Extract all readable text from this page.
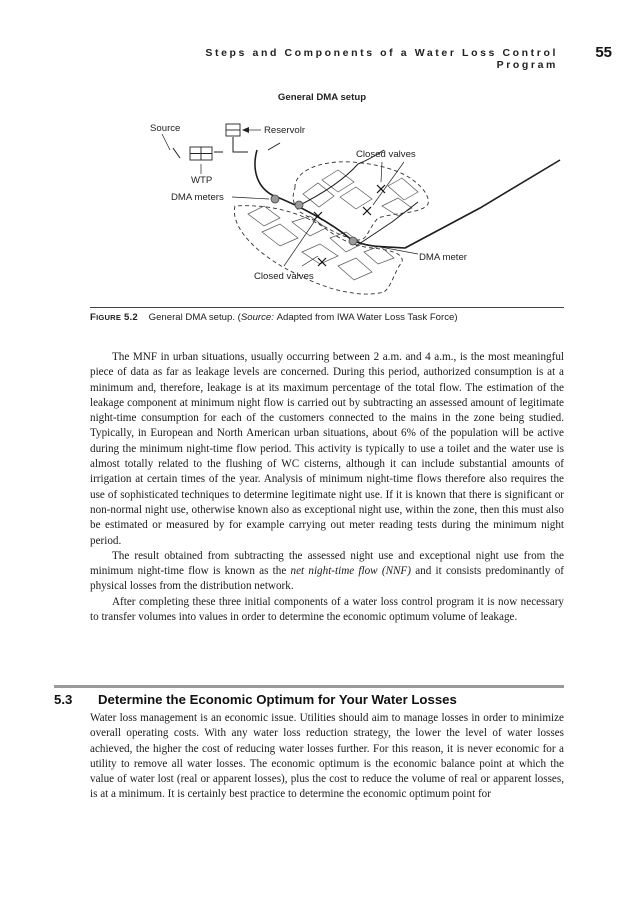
Steps and Components of a Water Loss Control Program
55
General DMA setup
Source	Reservolr
Closed valves
WTP
DMA meters
DMA meter
Closed valves
FIGURE 5.2 General DMA setup. (Source: Adapted from IWA Water Loss Task Force)

The MNF in urban situations, usually occurring between 2 a.m. and 4 a.m., is the most meaningful piece of data as far as leakage levels are concerned. During this period, authorized consumption is at a minimum and, therefore, leakage is at its maximum percentage of the total flow. The estimation of the leakage component at minimum night flow is carried out by subtracting an assessed amount of legitimate night-time consumption for each of the customers connected to the mains in the zone being studied. Typically, in European and North American urban situations, about 6% of the population will be active during the minimum night-time flow period. This activity is typically to use a toilet and the water use is almost totally related to the flushing of WC cisterns, although it can include substantial amounts of irrigation at certain times of the year. Analysis of minimum night-time flows therefore also requires the use of sophisticated techniques to determine legitimate night use. If it is known that there is significant or non-normal night use, otherwise known also as exceptional night use, within the zone, then this must also be estimated or measured by for example carrying out meter reading tests during the minimum night period.

The result obtained from subtracting the assessed night use and exceptional night use from the minimum night-time flow is known as the net night-time flow (NNF) and it consists predominantly of physical losses from the distribution network.

After completing these three initial components of a water loss control program it is now necessary to transfer volumes into values in order to determine the economic optimum volume of leakage.

5.3 Determine the Economic Optimum for Your Water Losses

Water loss management is an economic issue. Utilities should aim to manage losses in order to minimize overall operating costs. With any water loss reduction strategy, the lower the level of water losses achieved, the higher the cost of reducing water losses further. For this reason, it is never economic for a utility to remove all water losses. The economic optimum is the economic balance point at which the value of water lost (real or apparent losses), plus the cost to reduce the volume of real or apparent losses, is at a minimum. It is certainly best practice to determine the economic optimum point for
